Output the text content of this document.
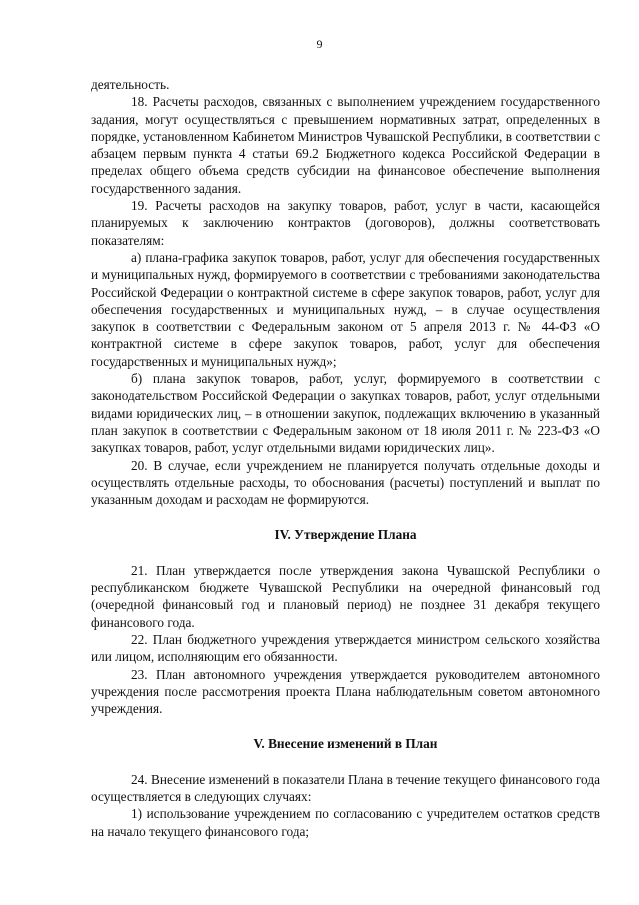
9

деятельность.

18. Расчеты расходов, связанных с выполнением учреждением государственного задания, могут осуществляться с превышением нормативных затрат, определенных в порядке, установленном Кабинетом Министров Чувашской Республики, в соответствии с абзацем первым пункта 4 статьи 69.2 Бюджетного кодекса Российской Федерации в пределах общего объема средств субсидии на финансовое обеспечение выполнения государственного задания.

19. Расчеты расходов на закупку товаров, работ, услуг в части, касающейся планируемых к заключению контрактов (договоров), должны соответствовать показателям:

а) плана-графика закупок товаров, работ, услуг для обеспечения государственных и муниципальных нужд, формируемого в соответствии с требованиями законодательства Российской Федерации о контрактной системе в сфере закупок товаров, работ, услуг для обеспечения государственных и муниципальных нужд, – в случае осуществления закупок в соответствии с Федеральным законом от 5 апреля 2013 г. № 44-ФЗ «О контрактной системе в сфере закупок товаров, работ, услуг для обеспечения государственных и муниципальных нужд»;

б) плана закупок товаров, работ, услуг, формируемого в соответствии с законодательством Российской Федерации о закупках товаров, работ, услуг отдельными видами юридических лиц, – в отношении закупок, подлежащих включению в указанный план закупок в соответствии с Федеральным законом от 18 июля 2011 г. № 223-ФЗ «О закупках товаров, работ, услуг отдельными видами юридических лиц».

20. В случае, если учреждением не планируется получать отдельные доходы и осуществлять отдельные расходы, то обоснования (расчеты) поступлений и выплат по указанным доходам и расходам не формируются.

IV. Утверждение Плана

21. План утверждается после утверждения закона Чувашской Республики о республиканском бюджете Чувашской Республики на очередной финансовый год (очередной финансовый год и плановый период) не позднее 31 декабря текущего финансового года.

22. План бюджетного учреждения утверждается министром сельского хозяйства или лицом, исполняющим его обязанности.

23. План автономного учреждения утверждается руководителем автономного учреждения после рассмотрения проекта Плана наблюдательным советом автономного учреждения.

V. Внесение изменений в План

24. Внесение изменений в показатели Плана в течение текущего финансового года осуществляется в следующих случаях:

1) использование учреждением по согласованию с учредителем остатков средств на начало текущего финансового года;
